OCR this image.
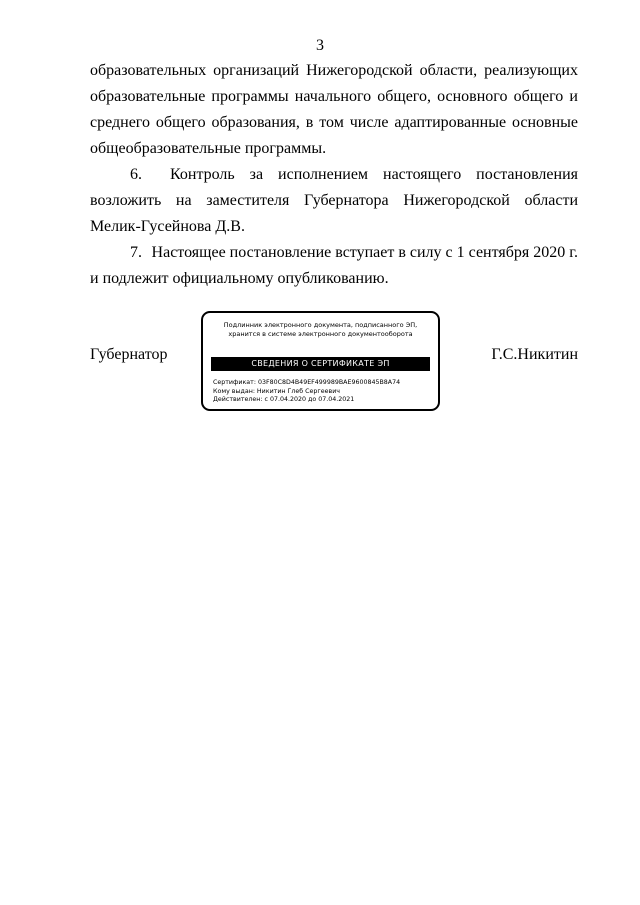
3
образовательных организаций Нижегородской области, реализующих
образовательные программы начального общего, основного общего и
среднего общего образования, в том числе адаптированные основные
общеобразовательные программы.
6.	Контроль за исполнением настоящего постановления
возложить на заместителя Губернатора Нижегородской области
Мелик-Гусейнова Д.В.
7. Настоящее постановление вступает в силу с 1 сентября 2020 г.
и подлежит официальному опубликованию.
Губернатор
Подлинник электронного документа, подписанного ЭП,
хранится в системе электронного документооборота
СВЕДЕНИЯ О СЕРТИФИКАТЕ ЭП
Сертификат: 03F80C8D4B49EF499989BAE9600845B8A74
Кому выдан: Никитин Глеб Сергеевич
Действителен: с 07.04.2020 до 07.04.2021
Г.С.Никитин
